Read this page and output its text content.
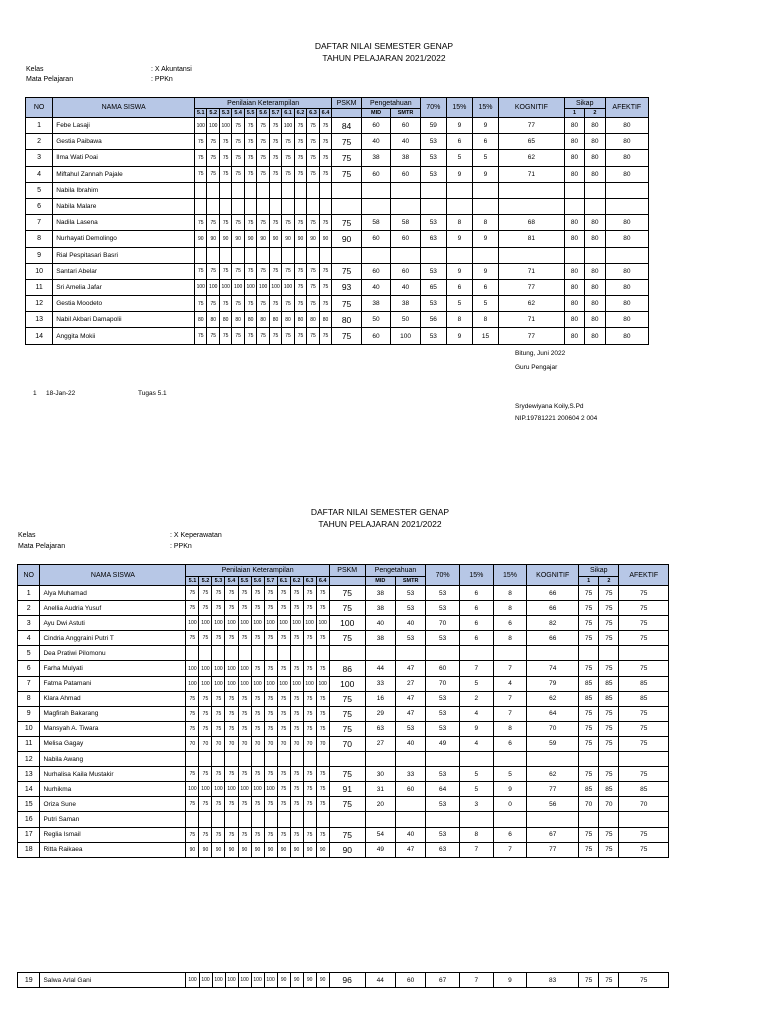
DAFTAR NILAI SEMESTER GENAP
TAHUN PELAJARAN 2021/2022
Kelas	: X Akuntansi
Mata Pelajaran	: PPKn
NO	NAMA SISWA	Penilaian Keterampilan											PSKM	Pengetahuan		70%	15%	15%	KOGNITIF	Sikap		AFEKTIF
		5.1	5.2	5.3	5.4	5.5	5.6	5.7	6.1	6.2	6.3	6.4		MID	SMTR					1	2	
1	Febe Lasaji	100	100	100	75	75	75	75	100	75	75	75	84	60	60	59	9	9	77	80	80	80
2	Gestia Paibawa	75	75	75	75	75	75	75	75	75	75	75	75	40	40	53	6	6	65	80	80	80
3	Ilma Wati Poai	75	75	75	75	75	75	75	75	75	75	75	75	38	38	53	5	5	62	80	80	80
4	Miftahul Zannah Pajale	75	75	75	75	75	75	75	75	75	75	75	75	60	60	53	9	9	71	80	80	80
5	Nabila Ibrahim																					
6	Nabila Malare																					
7	Nadila Lasena	75	75	75	75	75	75	75	75	75	75	75	75	58	58	53	8	8	68	80	80	80
8	Nurhayati Demolingo	90	90	90	90	90	90	90	90	90	90	90	90	60	60	63	9	9	81	80	80	80
9	Rial Pespitasari Basri																					
10	Santari Abelar	75	75	75	75	75	75	75	75	75	75	75	75	60	60	53	9	9	71	80	80	80
11	Sri Amelia Jafar	100	100	100	100	100	100	100	100	75	75	75	93	40	40	65	6	6	77	80	80	80
12	Gestia Moodeto	75	75	75	75	75	75	75	75	75	75	75	75	38	38	53	5	5	62	80	80	80
13	Nabil Akbari Damapolii	80	80	80	80	80	80	80	80	80	80	80	80	50	50	56	8	8	71	80	80	80
14	Anggita Mokii	75	75	75	75	75	75	75	75	75	75	75	75	60	100	53	9	15	77	80	80	80
Bitung, Juni 2022
Guru Pengajar
1 18-Jan-22	Tugas 5.1
Srydewiyana Koily,S.Pd
NIP.19781221 200604 2 004
DAFTAR NILAI SEMESTER GENAP
TAHUN PELAJARAN 2021/2022
Kelas	: X Keperawatan
Mata Pelajaran	: PPKn
NO	NAMA SISWA	Penilaian Keterampilan											PSKM	Pengetahuan		70%	15%	15%	KOGNITIF	Sikap		AFEKTIF
		5.1	5.2	5.3	5.4	5.5	5.6	5.7	6.1	6.2	6.3	6.4		MID	SMTR					1	2	
1	Alya Muhamad	75	75	75	75	75	75	75	75	75	75	75	75	38	53	53	6	8	66	75	75	75
2	Anellia Audria Yusuf	75	75	75	75	75	75	75	75	75	75	75	75	38	53	53	6	8	66	75	75	75
3	Ayu Dwi Astuti	100	100	100	100	100	100	100	100	100	100	100	100	40	40	70	6	6	82	75	75	75
4	Cindria Anggraini Putri T	75	75	75	75	75	75	75	75	75	75	75	75	38	53	53	6	8	66	75	75	75
5	Dea Pratiwi Pilomonu																					
6	Farha Mulyati	100	100	100	100	100	75	75	75	75	75	75	86	44	47	60	7	7	74	75	75	75
7	Fatma Patamani	100	100	100	100	100	100	100	100	100	100	100	100	33	27	70	5	4	79	85	85	85
8	Klara Ahmad	75	75	75	75	75	75	75	75	75	75	75	75	16	47	53	2	7	62	85	85	85
9	Magfirah Bakarang	75	75	75	75	75	75	75	75	75	75	75	75	29	47	53	4	7	64	75	75	75
10	Mansyah A. Tiwara	75	75	75	75	75	75	75	75	75	75	75	75	63	53	53	9	8	70	75	75	75
11	Melisa Gagay	70	70	70	70	70	70	70	70	70	70	70	70	27	40	49	4	6	59	75	75	75
12	Nabila Awang																					
13	Nurhalisa Kaila Mustakir	75	75	75	75	75	75	75	75	75	75	75	75	30	33	53	5	5	62	75	75	75
14	Nurhikma	100	100	100	100	100	100	100	75	75	75	75	91	31	60	64	5	9	77	85	85	85
15	Oriza Sune	75	75	75	75	75	75	75	75	75	75	75	75	20		53	3	0	56	70	70	70
16	Putri Saman																					
17	Reglia Ismail	75	75	75	75	75	75	75	75	75	75	75	75	54	40	53	8	6	67	75	75	75
18	Ritta Raikaea	90	90	90	90	90	90	90	90	90	90	90	90	49	47	63	7	7	77	75	75	75
19	Salwa Arlal Gani	100	100	100	100	100	100	100	90	90	90	90	96	44	60	67	7	9	83	75	75	75
